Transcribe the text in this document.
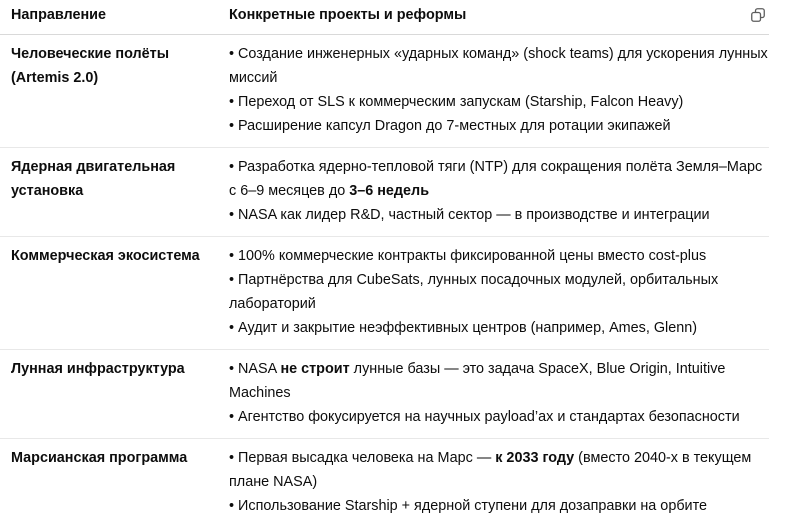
Направление	Конкретные проекты и реформы
Человеческие полёты (Artemis 2.0)	• Создание инженерных «ударных команд» (shock teams) для ускорения лунных миссий
• Переход от SLS к коммерческим запускам (Starship, Falcon Heavy)
• Расширение капсул Dragon до 7-местных для ротации экипажей

Ядерная двигательная установка	• Разработка ядерно-тепловой тяги (NTP) для сокращения полёта Земля–Марс с 6–9 месяцев до 3–6 недель
• NASA как лидер R&D, частный сектор — в производстве и интеграции

Коммерческая экосистема	• 100% коммерческие контракты фиксированной цены вместо cost-plus
• Партнёрства для CubeSats, лунных посадочных модулей, орбитальных лабораторий
• Аудит и закрытие неэффективных центров (например, Ames, Glenn)

Лунная инфраструктура	• NASA не строит лунные базы — это задача SpaceX, Blue Origin, Intuitive Machines
• Агентство фокусируется на научных payload’ах и стандартах безопасности

Марсианская программа	• Первая высадка человека на Марс — к 2033 году (вместо 2040-х в текущем плане NASA)
• Использование Starship + ядерной ступени для дозаправки на орбите
